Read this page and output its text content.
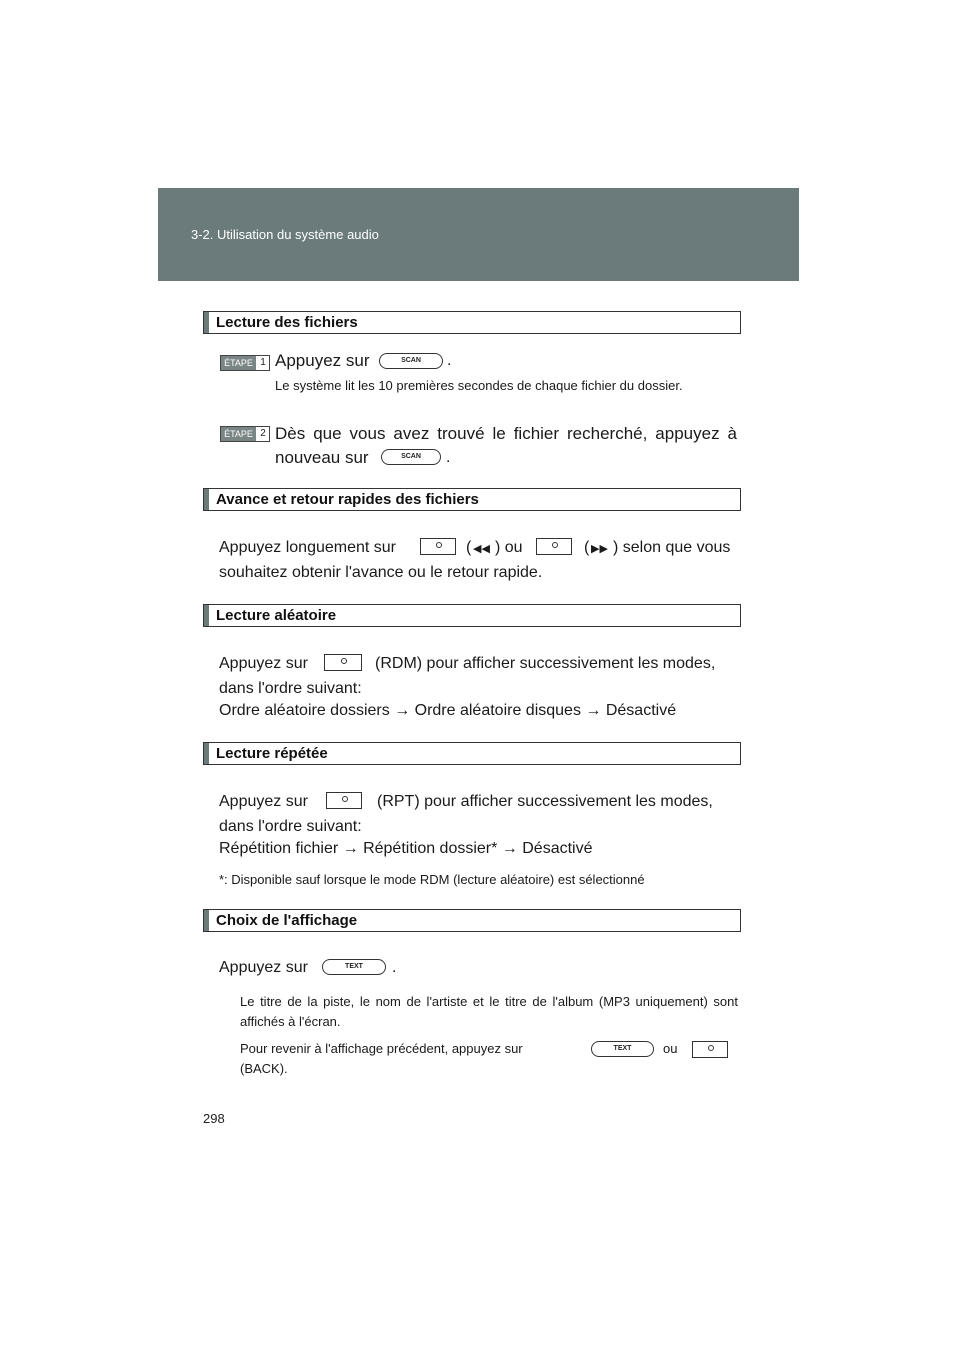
3-2. Utilisation du système audio
Lecture des fichiers
ÉTAPE 1 Appuyez sur	SCAN	.
Le système lit les 10 premières secondes de chaque fichier du dossier.
ÉTAPE 2 Dès que vous avez trouvé le fichier recherché, appuyez à
nouveau sur	SCAN	.
Avance et retour rapides des fichiers
Appuyez longuement sur	( ◀◀ ) ou	( ▶▶ ) selon que vous
souhaitez obtenir l'avance ou le retour rapide.
Lecture aléatoire
Appuyez sur	(RDM) pour afficher successivement les modes,
dans l'ordre suivant:
Ordre aléatoire dossiers → Ordre aléatoire disques → Désactivé
Lecture répétée
Appuyez sur	(RPT) pour afficher successivement les modes,
dans l'ordre suivant:
Répétition fichier → Répétition dossier* → Désactivé
*: Disponible sauf lorsque le mode RDM (lecture aléatoire) est sélectionné
Choix de l'affichage
Appuyez sur	TEXT	.
Le titre de la piste, le nom de l'artiste et le titre de l'album (MP3 uniquement) sont affichés à l'écran.
Pour revenir à l'affichage précédent, appuyez sur	TEXT	ou
(BACK).
298
